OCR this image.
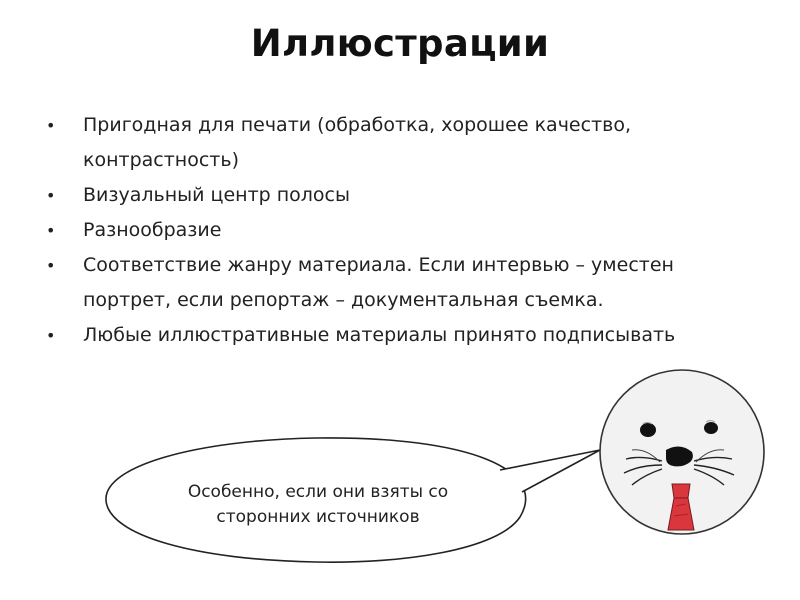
Иллюстрации
• Пригодная для печати (обработка, хорошее качество, контрастность)
• Визуальный центр полосы
• Разнообразие
• Соответствие жанру материала. Если интервью – уместен портрет, если репортаж – документальная съемка.
• Любые иллюстративные материалы принято подписывать
Особенно, если они взяты со
сторонних источников
